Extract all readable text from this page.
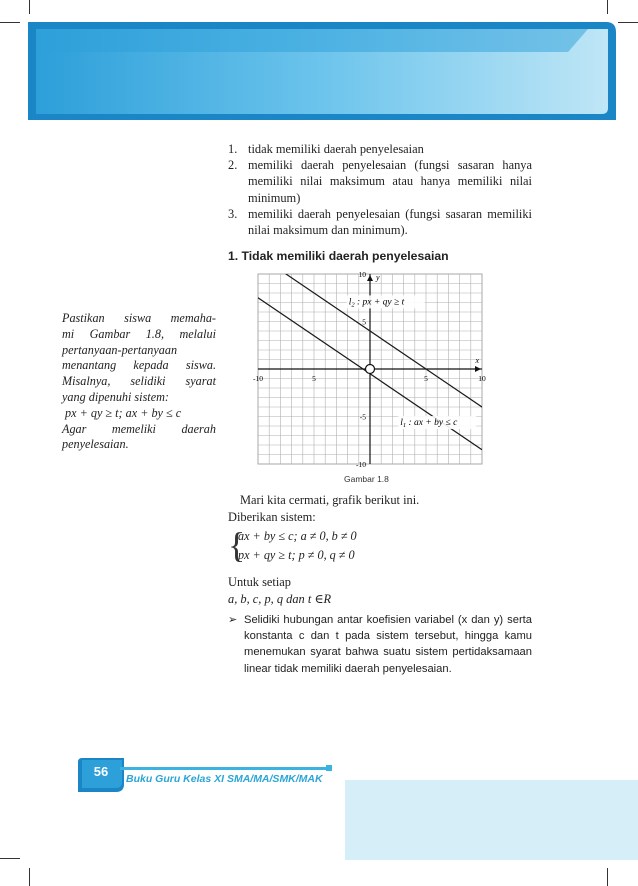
1. tidak memiliki daerah penyelesaian
2. memiliki daerah penyelesaian (fungsi sasaran hanya memiliki nilai maksimum atau hanya memiliki nilai minimum)
3. memiliki daerah penyelesaian (fungsi sasaran memiliki nilai maksimum dan minimum).
1. Tidak memiliki daerah penyelesaian
Pastikan siswa memaha-
mi Gambar 1.8, melalui
pertanyaan-pertanyaan
menantang kepada siswa.
Misalnya, selidiki syarat
yang dipenuhi sistem:
px + qy ≥ t; ax + by ≤ c
Agar memeliki daerah
penyelesaian.
x
y
-10	5	5	10
10
5
-5
-10
$l_1$ : ax + by ≤ c
$l_2$ : px + qy ≥ t
Gambar 1.8
Mari kita cermati, grafik berikut ini.
Diberikan sistem:
{
ax + by ≤ c; a ≠ 0, b ≠ 0
px + qy ≥ t; p ≠ 0, q ≠ 0
Untuk setiap
a, b, c, p, q dan t ∈R
➢ Selidiki hubungan antar koefisien variabel (x dan y) serta konstanta c dan t pada sistem tersebut, hingga kamu menemukan syarat bahwa suatu sistem pertidaksamaan linear tidak memiliki daerah penyelesaian.
56	Buku Guru Kelas XI SMA/MA/SMK/MAK
